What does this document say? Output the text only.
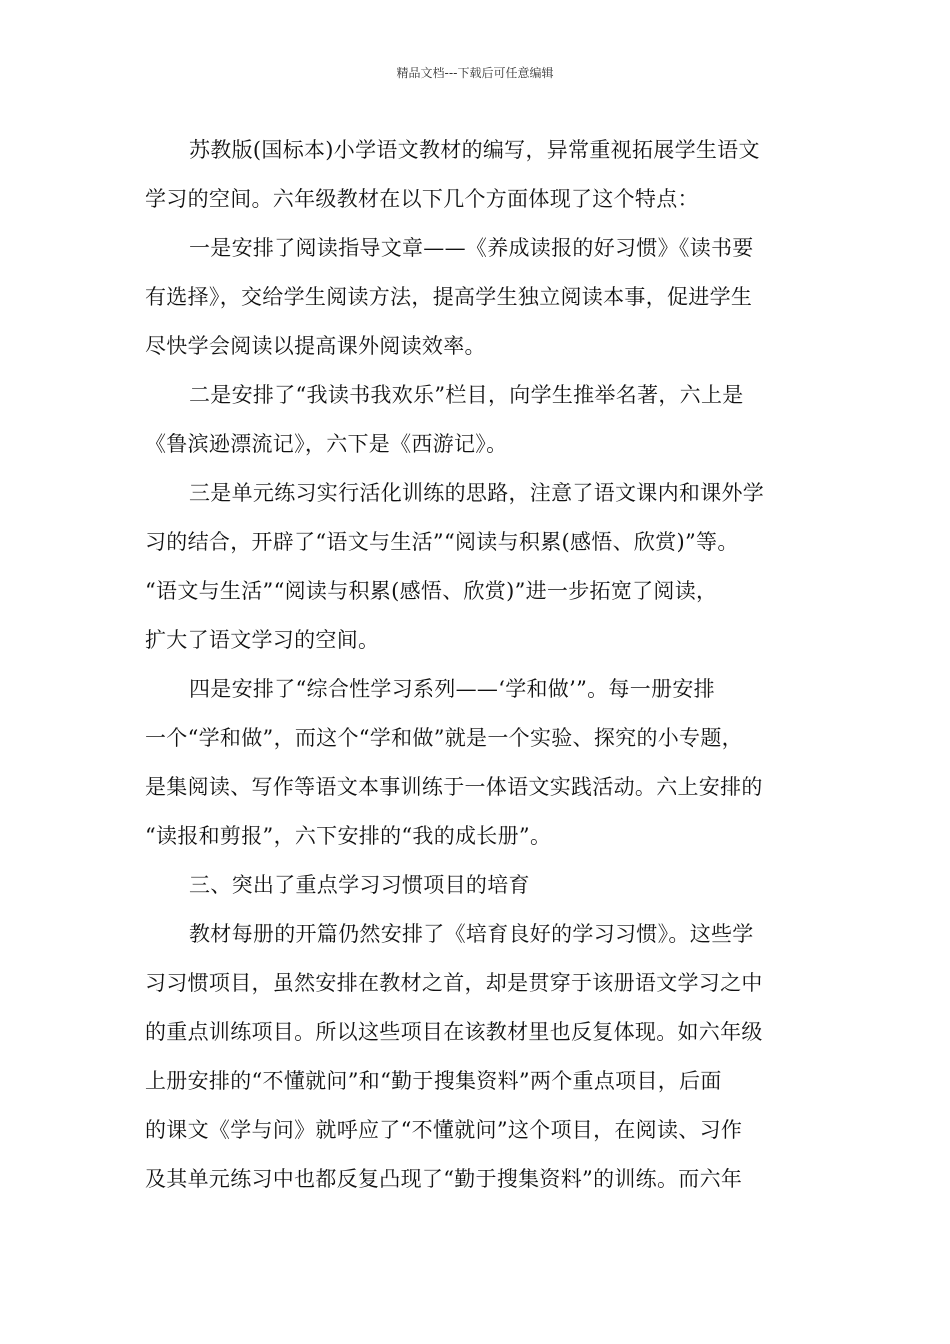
精品文档---下载后可任意编辑
苏教版(国标本)小学语文教材的编写，异常重视拓展学生语文
学习的空间。六年级教材在以下几个方面体现了这个特点：
一是安排了阅读指导文章——《养成读报的好习惯》《读书要
有选择》，交给学生阅读方法，提高学生独立阅读本事，促进学生
尽快学会阅读以提高课外阅读效率。
二是安排了“我读书我欢乐”栏目，向学生推举名著，六上是
《鲁滨逊漂流记》，六下是《西游记》。
三是单元练习实行活化训练的思路，注意了语文课内和课外学
习的结合，开辟了“语文与生活”“阅读与积累(感悟、欣赏)”等。
“语文与生活”“阅读与积累(感悟、欣赏)”进一步拓宽了阅读，
扩大了语文学习的空间。
四是安排了“综合性学习系列——‘学和做’”。每一册安排
一个“学和做”，而这个“学和做”就是一个实验、探究的小专题，
是集阅读、写作等语文本事训练于一体语文实践活动。六上安排的
“读报和剪报”，六下安排的“我的成长册”。
三、突出了重点学习习惯项目的培育
教材每册的开篇仍然安排了《培育良好的学习习惯》。这些学
习习惯项目，虽然安排在教材之首，却是贯穿于该册语文学习之中
的重点训练项目。所以这些项目在该教材里也反复体现。如六年级
上册安排的“不懂就问”和“勤于搜集资料”两个重点项目，后面
的课文《学与问》就呼应了“不懂就问”这个项目，在阅读、习作
及其单元练习中也都反复凸现了“勤于搜集资料”的训练。而六年
